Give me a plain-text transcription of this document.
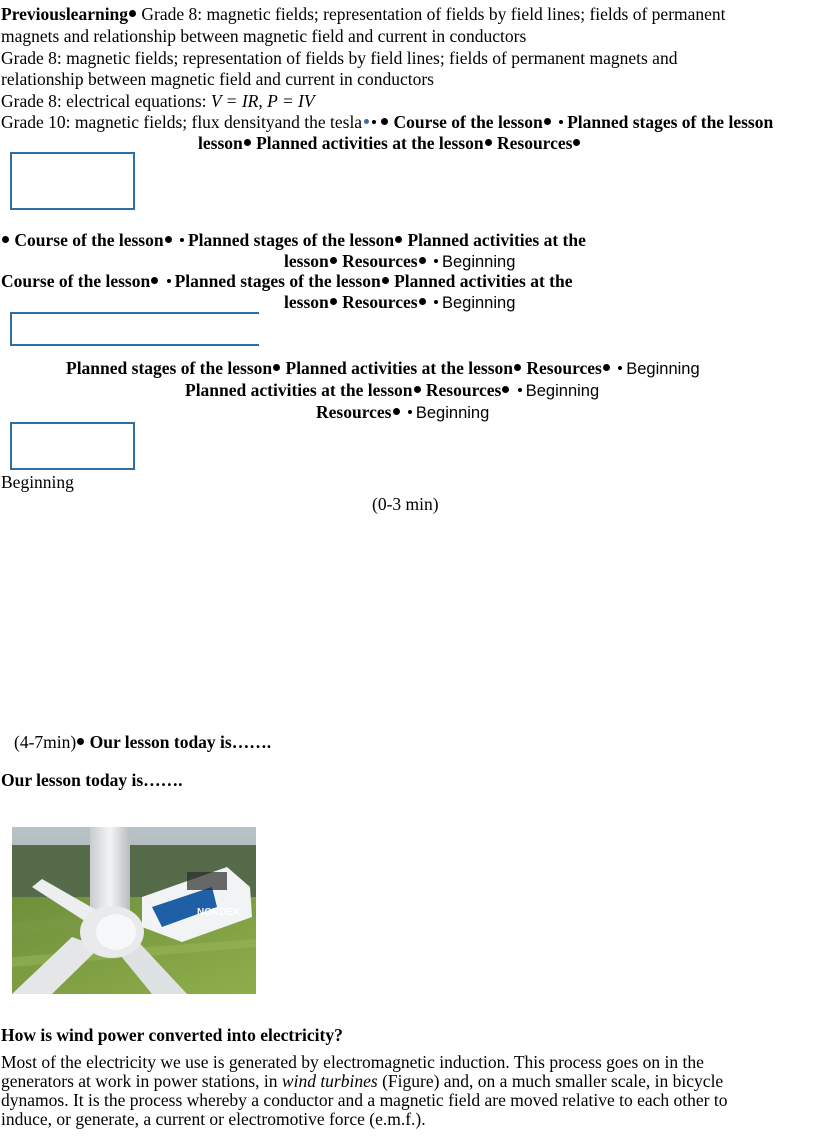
Previouslearning Grade 8: magnetic fields; representation of fields by field lines; fields of permanent
magnets and relationship between magnetic field and current in conductors
Grade 8: magnetic fields; representation of fields by field lines; fields of permanent magnets and
relationship between magnetic field and current in conductors
Grade 8: electrical equations: V = IR, P = IV
Grade 10: magnetic fields; flux densityand the tesla Course of the lesson Planned stages of the lesson
lesson Planned activities at the lesson Resources
Course of the lesson Planned stages of the lesson Planned activities at the
lesson Resources Beginning
Course of the lesson Planned stages of the lesson Planned activities at the
lesson Resources Beginning
Planned stages of the lesson Planned activities at the lesson Resources Beginning
Planned activities at the lesson Resources Beginning
Resources Beginning
Beginning
(0-3 min)
(4-7min) Our lesson today is…….
Our lesson today is…….
NORDEX
How is wind power converted into electricity?
Most of the electricity we use is generated by electromagnetic induction. This process goes on in the
generators at work in power stations, in wind turbines (Figure) and, on a much smaller scale, in bicycle
dynamos. It is the process whereby a conductor and a magnetic field are moved relative to each other to
induce, or generate, a current or electromotive force (e.m.f.).
